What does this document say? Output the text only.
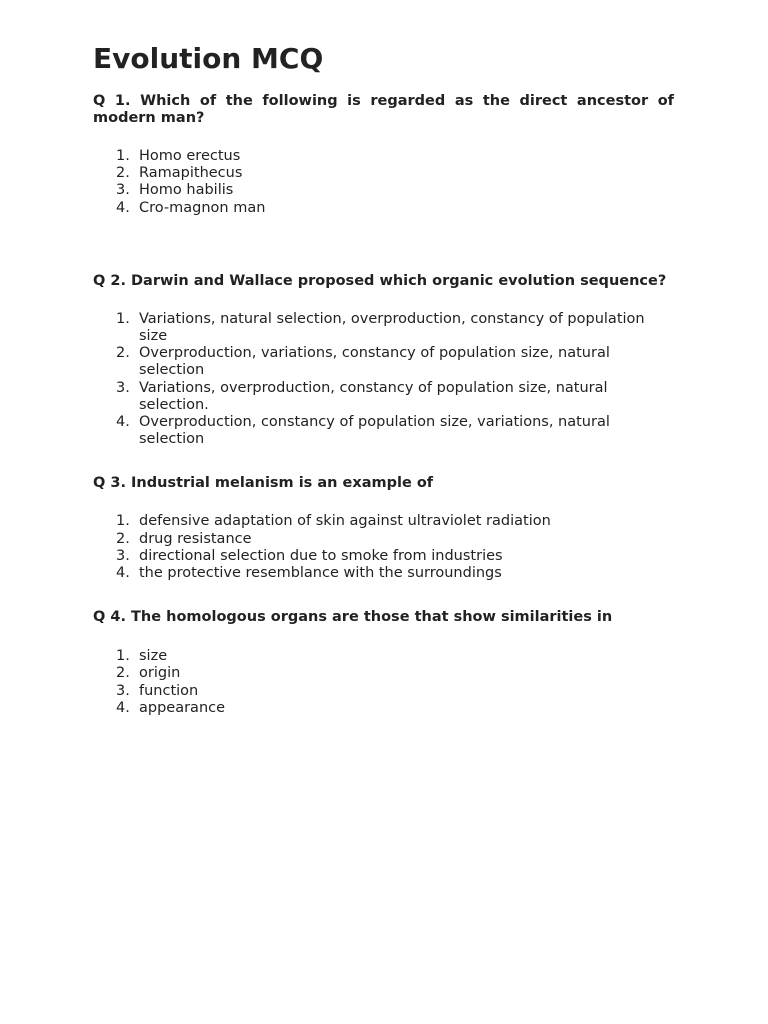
Evolution MCQ

Q 1. Which of the following is regarded as the direct ancestor of modern man?

1. Homo erectus
2. Ramapithecus
3. Homo habilis
4. Cro-magnon man

Q 2. Darwin and Wallace proposed which organic evolution sequence?

1. Variations, natural selection, overproduction, constancy of population size
2. Overproduction, variations, constancy of population size, natural selection
3. Variations, overproduction, constancy of population size, natural selection.
4. Overproduction, constancy of population size, variations, natural selection

Q 3. Industrial melanism is an example of

1. defensive adaptation of skin against ultraviolet radiation
2. drug resistance
3. directional selection due to smoke from industries
4. the protective resemblance with the surroundings

Q 4. The homologous organs are those that show similarities in

1. size
2. origin
3. function
4. appearance
